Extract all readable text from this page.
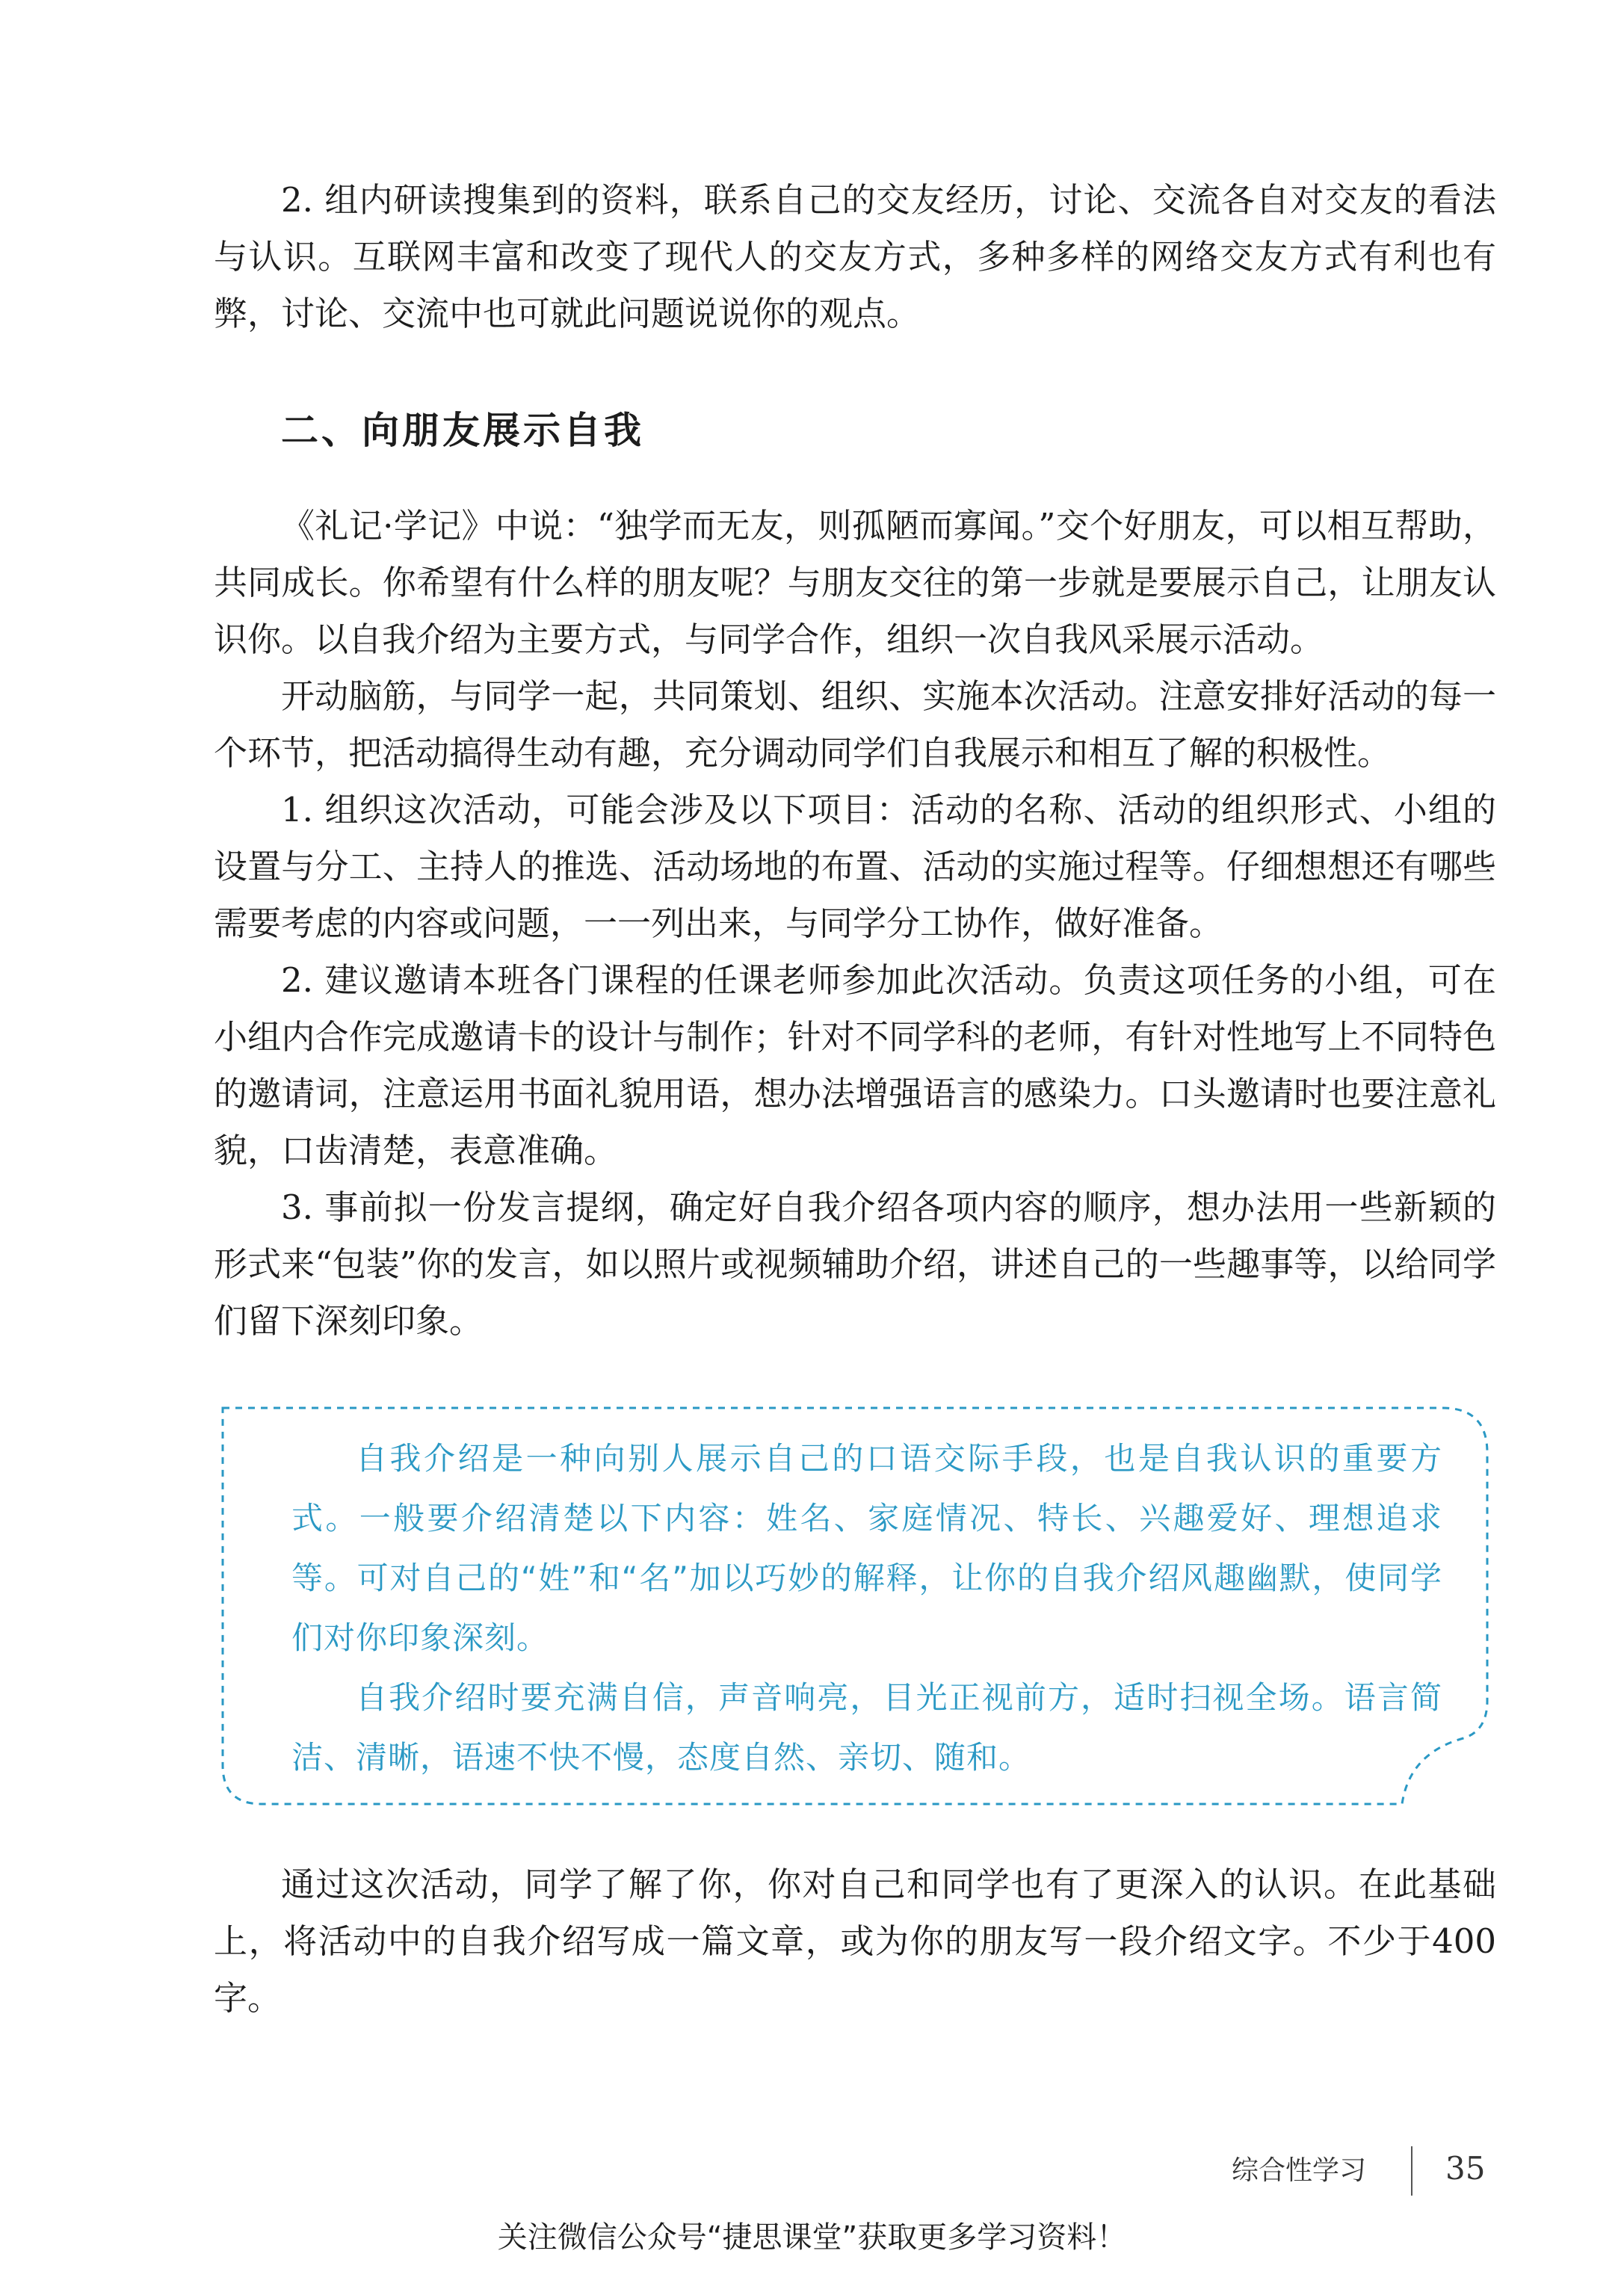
2. 组内研读搜集到的资料，联系自己的交友经历，讨论、交流各自对交友的看法与认识。互联网丰富和改变了现代人的交友方式，多种多样的网络交友方式有利也有弊，讨论、交流中也可就此问题说说你的观点。

二、向朋友展示自我

《礼记·学记》中说：“独学而无友，则孤陋而寡闻。”交个好朋友，可以相互帮助，共同成长。你希望有什么样的朋友呢？与朋友交往的第一步就是要展示自己，让朋友认识你。以自我介绍为主要方式，与同学合作，组织一次自我风采展示活动。

开动脑筋，与同学一起，共同策划、组织、实施本次活动。注意安排好活动的每一个环节，把活动搞得生动有趣，充分调动同学们自我展示和相互了解的积极性。

1. 组织这次活动，可能会涉及以下项目：活动的名称、活动的组织形式、小组的设置与分工、主持人的推选、活动场地的布置、活动的实施过程等。仔细想想还有哪些需要考虑的内容或问题，一一列出来，与同学分工协作，做好准备。

2. 建议邀请本班各门课程的任课老师参加此次活动。负责这项任务的小组，可在小组内合作完成邀请卡的设计与制作；针对不同学科的老师，有针对性地写上不同特色的邀请词，注意运用书面礼貌用语，想办法增强语言的感染力。口头邀请时也要注意礼貌，口齿清楚，表意准确。

3. 事前拟一份发言提纲，确定好自我介绍各项内容的顺序，想办法用一些新颖的形式来“包装”你的发言，如以照片或视频辅助介绍，讲述自己的一些趣事等，以给同学们留下深刻印象。

自我介绍是一种向别人展示自己的口语交际手段，也是自我认识的重要方式。一般要介绍清楚以下内容：姓名、家庭情况、特长、兴趣爱好、理想追求等。可对自己的“姓”和“名”加以巧妙的解释，让你的自我介绍风趣幽默，使同学们对你印象深刻。

自我介绍时要充满自信，声音响亮，目光正视前方，适时扫视全场。语言简洁、清晰，语速不快不慢，态度自然、亲切、随和。

通过这次活动，同学了解了你，你对自己和同学也有了更深入的认识。在此基础上，将活动中的自我介绍写成一篇文章，或为你的朋友写一段介绍文字。不少于400字。

综合性学习	35
关注微信公众号“捷思课堂”获取更多学习资料！
